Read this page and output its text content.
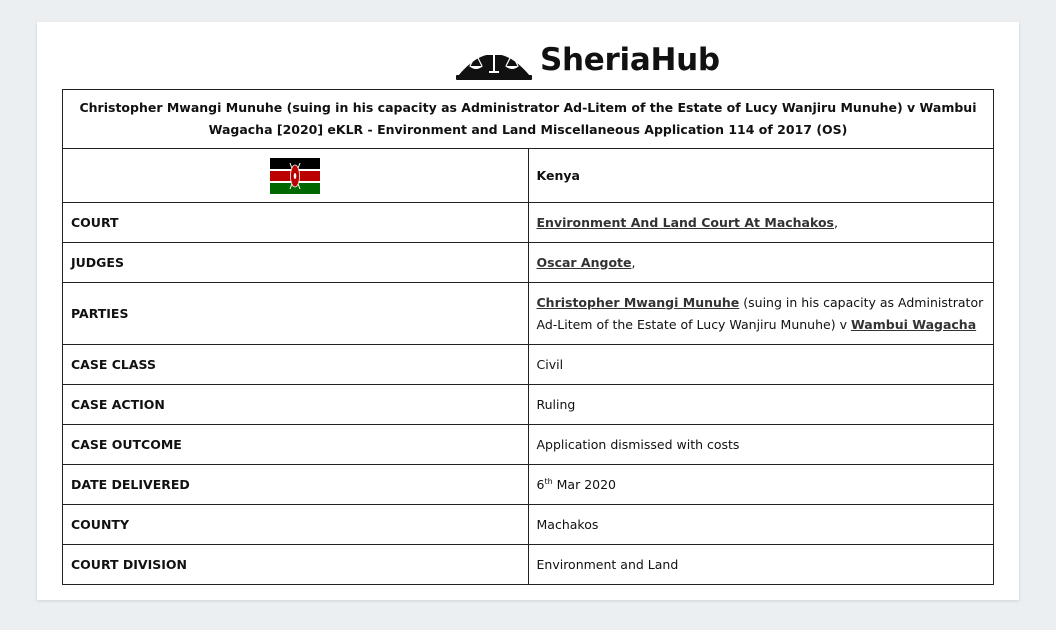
SheriaHub
Christopher Mwangi Munuhe (suing in his capacity as Administrator Ad-Litem of the Estate of Lucy Wanjiru Munuhe) v Wambui Wagacha [2020] eKLR - Environment and Land Miscellaneous Application 114 of 2017 (OS)	
	Kenya
COURT	Environment And Land Court At Machakos,
JUDGES	Oscar Angote,
PARTIES	Christopher Mwangi Munuhe (suing in his capacity as Administrator Ad-Litem of the Estate of Lucy Wanjiru Munuhe) v Wambui Wagacha
CASE CLASS	Civil
CASE ACTION	Ruling
CASE OUTCOME	Application dismissed with costs
DATE DELIVERED	6th Mar 2020
COUNTY	Machakos
COURT DIVISION	Environment and Land
